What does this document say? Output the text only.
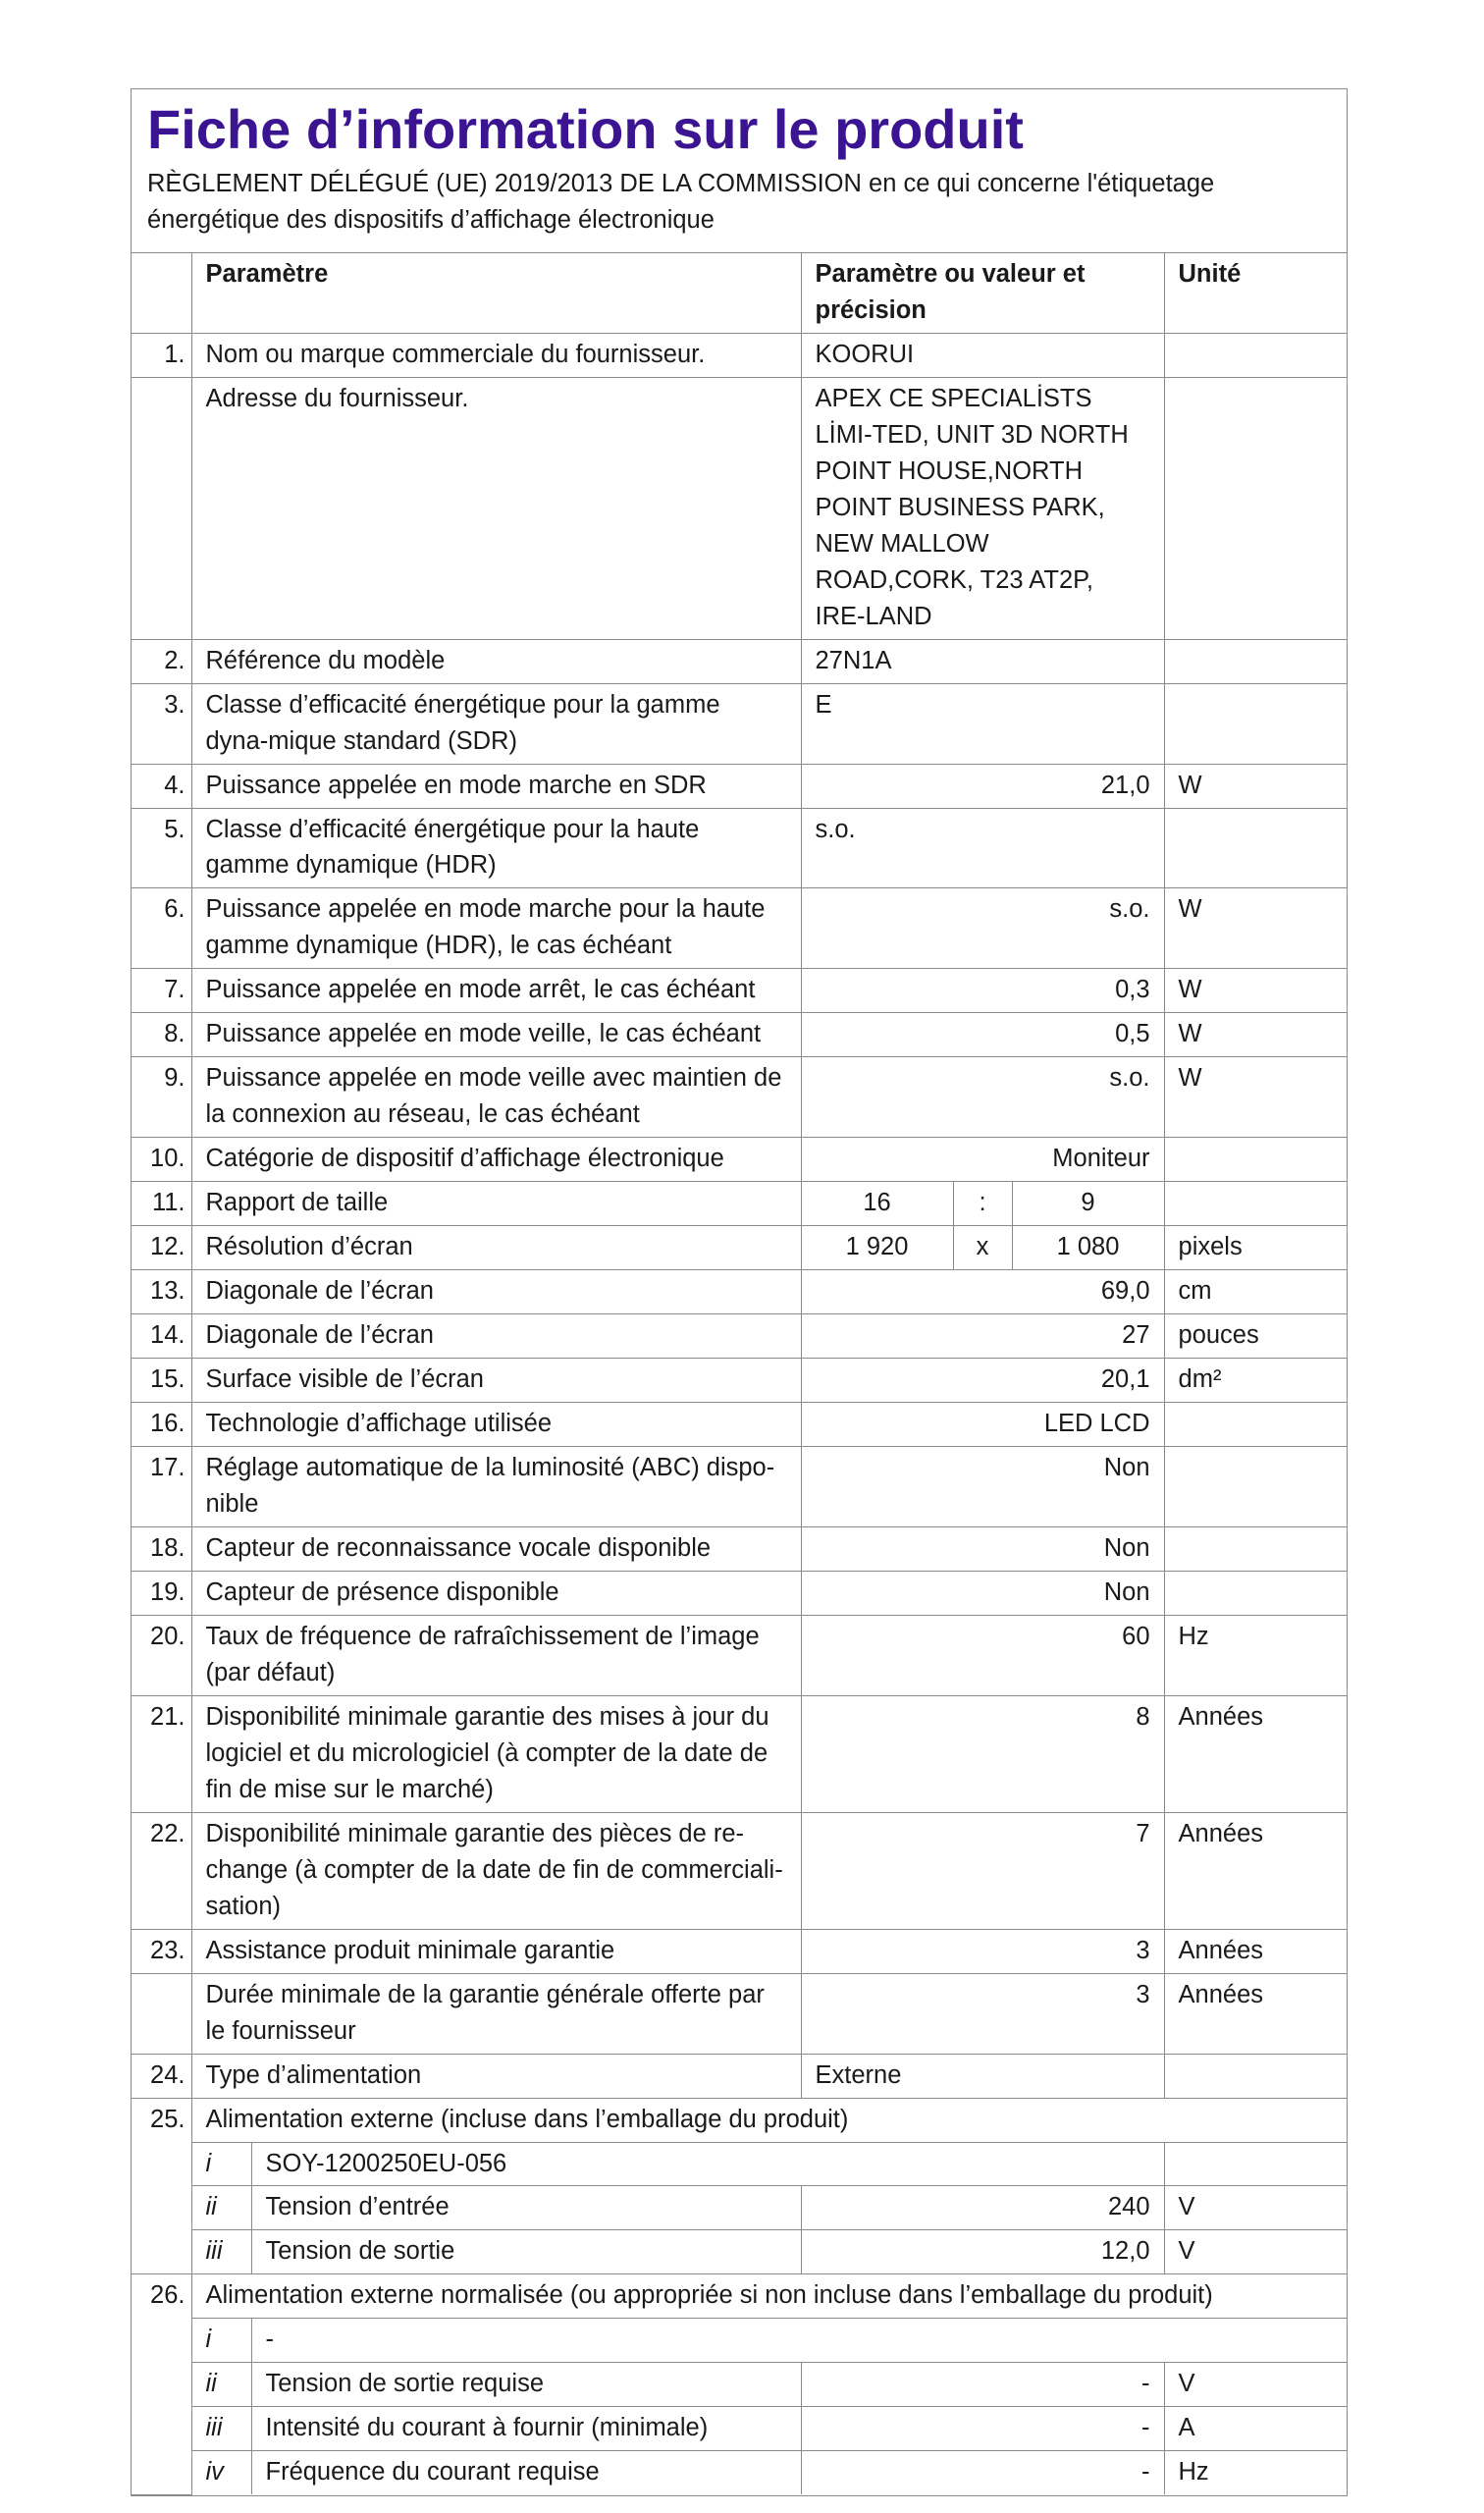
Fiche d’information sur le produit
RÈGLEMENT DÉLÉGUÉ (UE) 2019/2013 DE LA COMMISSION en ce qui concerne l'étiquetage énergétique des dispositifs d’affichage électronique
	Paramètre		Paramètre ou valeur et précision			Unité
1.	Nom ou marque commerciale du fournisseur.		KOORUI			
	Adresse du fournisseur.		APEX CE SPECIALİSTS LİMI-TED, UNIT 3D NORTH POINT HOUSE,NORTH POINT BUSINESS PARK, NEW MALLOW ROAD,CORK, T23 AT2P, IRE-LAND			
2.	Référence du modèle		27N1A			
3.	Classe d’efficacité énergétique pour la gamme dyna-mique standard (SDR)		E			
4.	Puissance appelée en mode marche en SDR		21,0			W
5.	Classe d’efficacité énergétique pour la haute gamme dynamique (HDR)		s.o.			
6.	Puissance appelée en mode marche pour la haute gamme dynamique (HDR), le cas échéant		s.o.			W
7.	Puissance appelée en mode arrêt, le cas échéant		0,3			W
8.	Puissance appelée en mode veille, le cas échéant		0,5			W
9.	Puissance appelée en mode veille avec maintien de la connexion au réseau, le cas échéant		s.o.			W
10.	Catégorie de dispositif d’affichage électronique		Moniteur			
11.	Rapport de taille		16	:	9	
12.	Résolution d’écran		1 920	x	1 080	pixels
13.	Diagonale de l’écran		69,0			cm
14.	Diagonale de l’écran		27			pouces
15.	Surface visible de l’écran		20,1			dm²
16.	Technologie d’affichage utilisée		LED LCD			
17.	Réglage automatique de la luminosité (ABC) dispo-nible		Non			
18.	Capteur de reconnaissance vocale disponible		Non			
19.	Capteur de présence disponible		Non			
20.	Taux de fréquence de rafraîchissement de l’image (par défaut)		60			Hz
21.	Disponibilité minimale garantie des mises à jour du logiciel et du micrologiciel (à compter de la date de fin de mise sur le marché)		8			Années
22.	Disponibilité minimale garantie des pièces de re-change (à compter de la date de fin de commerciali-sation)		7			Années
23.	Assistance produit minimale garantie		3			Années
	Durée minimale de la garantie générale offerte par le fournisseur		3			Années
24.	Type d’alimentation		Externe			
25.	Alimentation externe (incluse dans l’emballage du produit)					
	i	SOY-1200250EU-056				
	ii	Tension d’entrée	240			V
	iii	Tension de sortie	12,0			V
26.	Alimentation externe normalisée (ou appropriée si non incluse dans l’emballage du produit)					
	i	-				
	ii	Tension de sortie requise	-			V
	iii	Intensité du courant à fournir (minimale)	-			A
	iv	Fréquence du courant requise	-			Hz
